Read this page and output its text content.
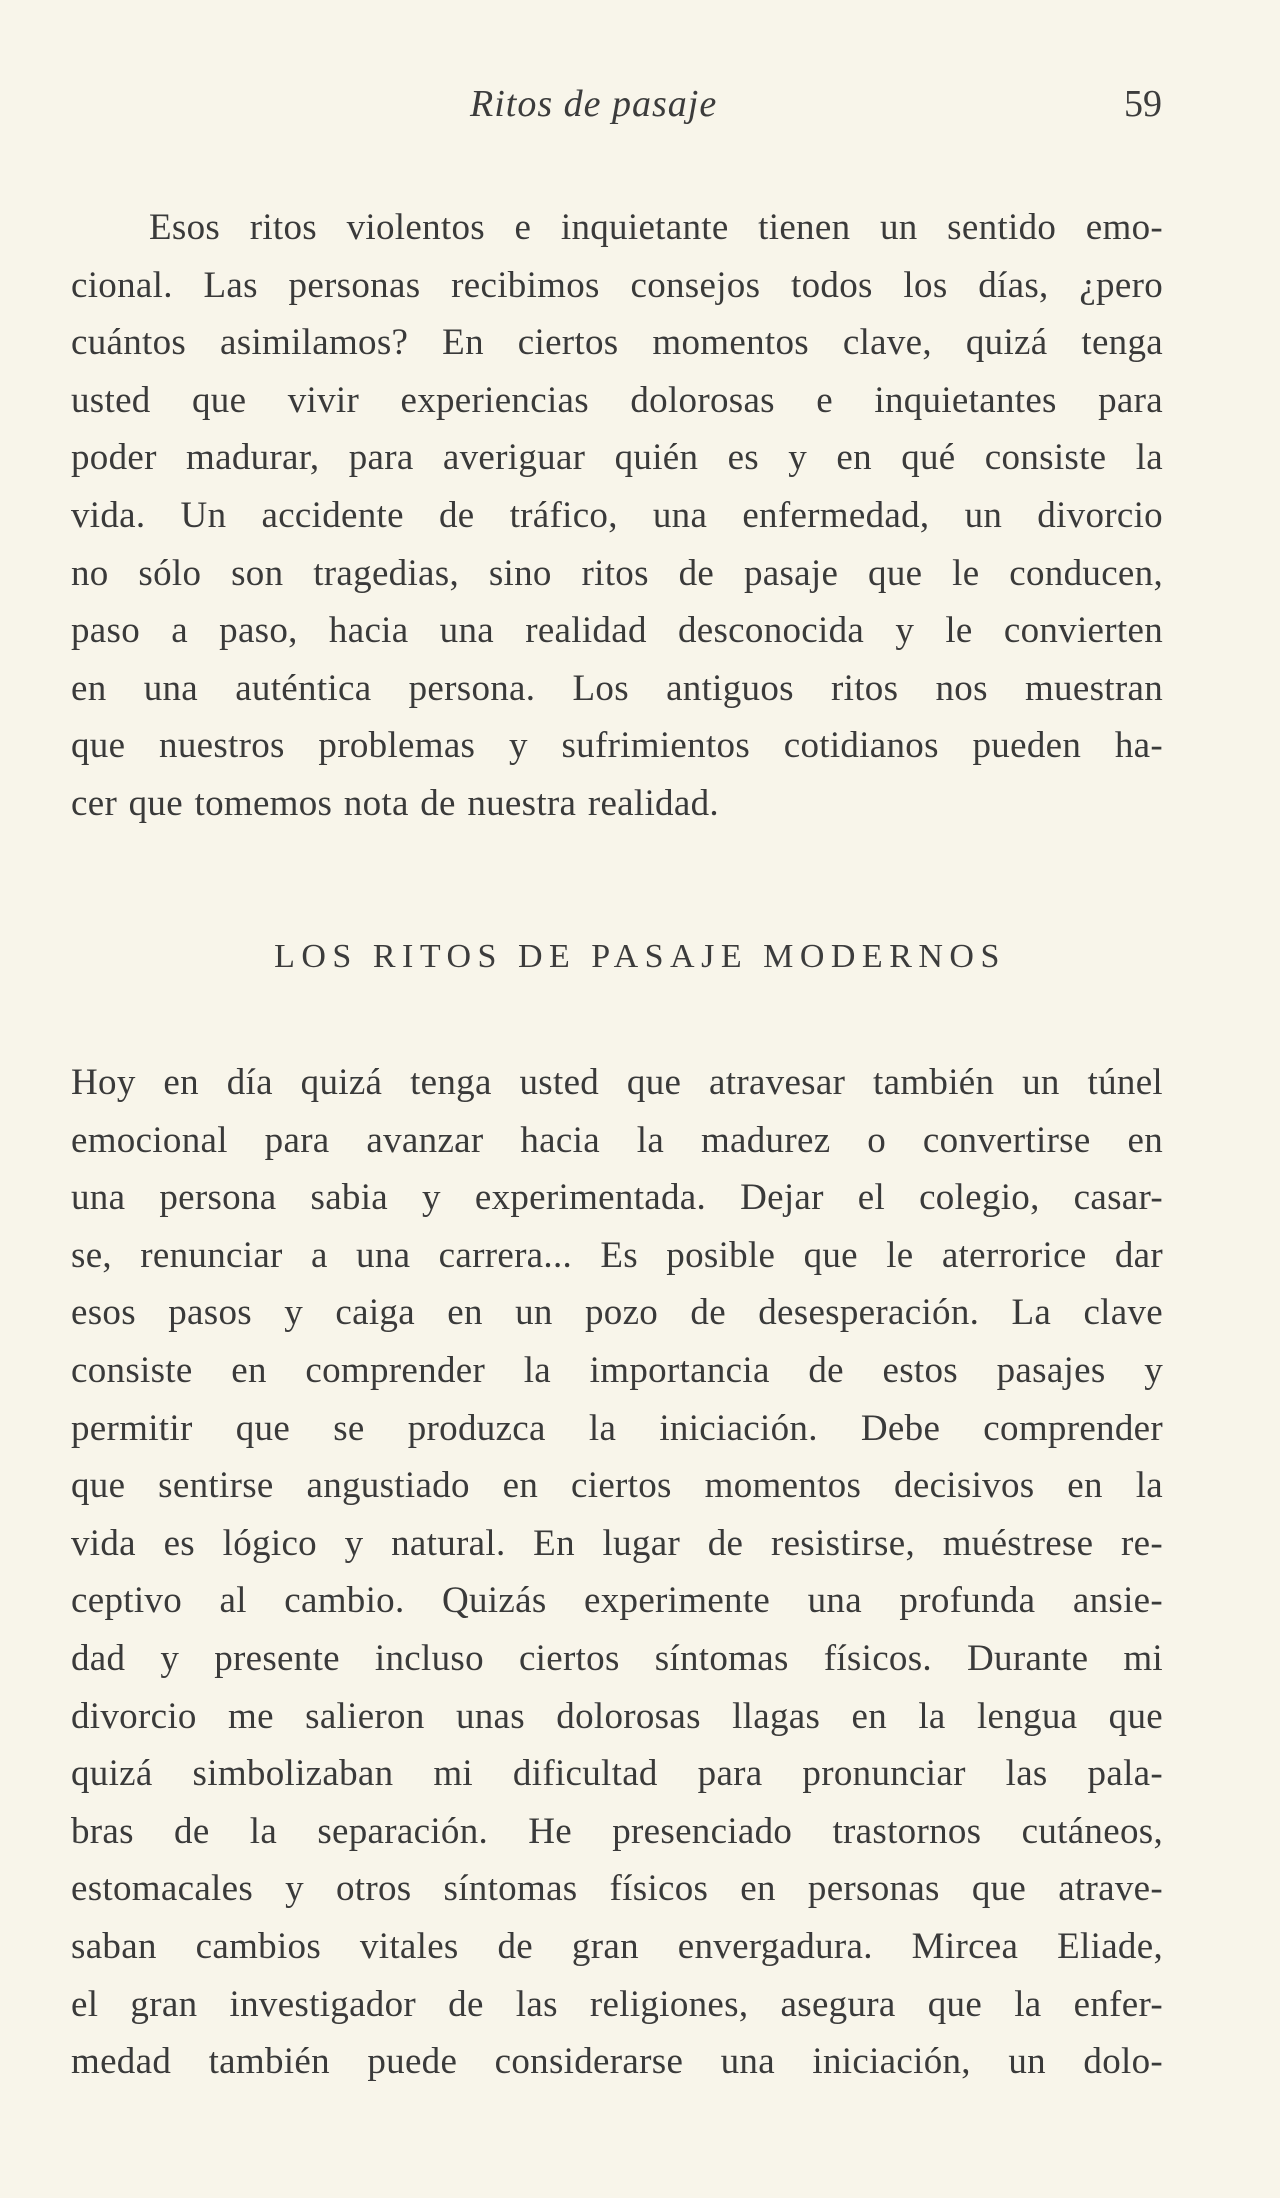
Ritos de pasaje	59
Esos ritos violentos e inquietante tienen un sentido emo-
cional. Las personas recibimos consejos todos los días, ¿pero
cuántos asimilamos? En ciertos momentos clave, quizá tenga
usted que vivir experiencias dolorosas e inquietantes para
poder madurar, para averiguar quién es y en qué consiste la
vida. Un accidente de tráfico, una enfermedad, un divorcio
no sólo son tragedias, sino ritos de pasaje que le conducen,
paso a paso, hacia una realidad desconocida y le convierten
en una auténtica persona. Los antiguos ritos nos muestran
que nuestros problemas y sufrimientos cotidianos pueden ha-
cer que tomemos nota de nuestra realidad.
LOS RITOS DE PASAJE MODERNOS
Hoy en día quizá tenga usted que atravesar también un túnel
emocional para avanzar hacia la madurez o convertirse en
una persona sabia y experimentada. Dejar el colegio, casar-
se, renunciar a una carrera... Es posible que le aterrorice dar
esos pasos y caiga en un pozo de desesperación. La clave
consiste en comprender la importancia de estos pasajes y
permitir que se produzca la iniciación. Debe comprender
que sentirse angustiado en ciertos momentos decisivos en la
vida es lógico y natural. En lugar de resistirse, muéstrese re-
ceptivo al cambio. Quizás experimente una profunda ansie-
dad y presente incluso ciertos síntomas físicos. Durante mi
divorcio me salieron unas dolorosas llagas en la lengua que
quizá simbolizaban mi dificultad para pronunciar las pala-
bras de la separación. He presenciado trastornos cutáneos,
estomacales y otros síntomas físicos en personas que atrave-
saban cambios vitales de gran envergadura. Mircea Eliade,
el gran investigador de las religiones, asegura que la enfer-
medad también puede considerarse una iniciación, un dolo-
